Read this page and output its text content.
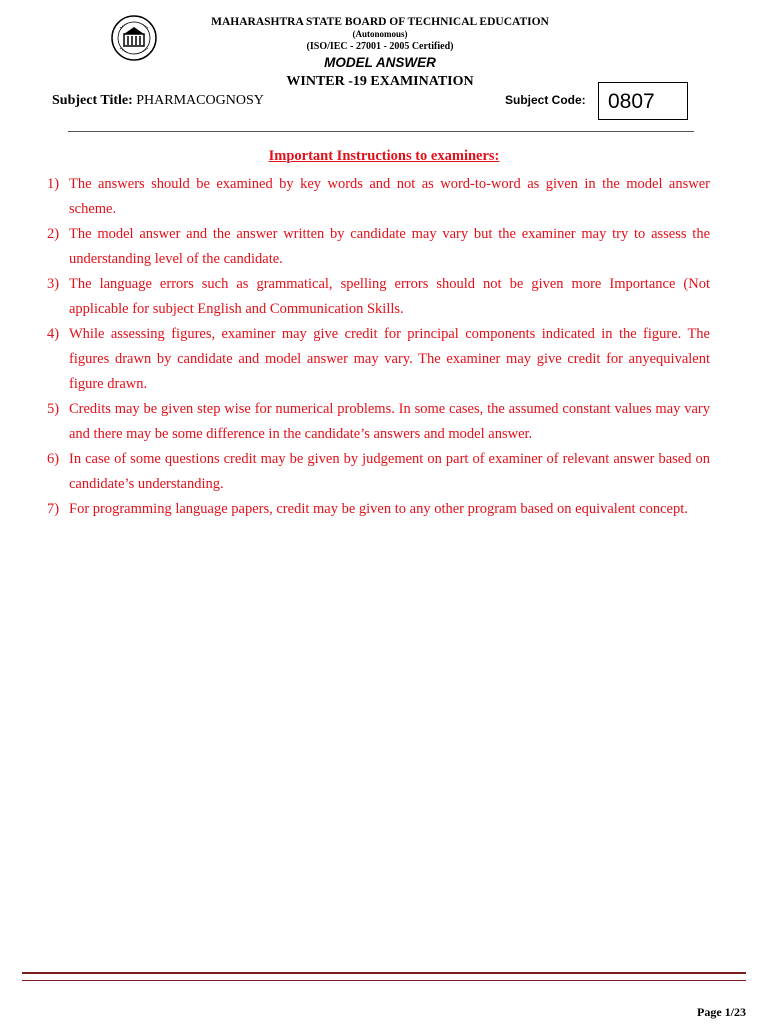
MAHARASHTRA STATE BOARD OF TECHNICAL EDUCATION
(Autonomous)
(ISO/IEC - 27001 - 2005 Certified)
MODEL ANSWER
WINTER -19 EXAMINATION
Subject Title: PHARMACOGNOSY	Subject Code:	0807
Important Instructions to examiners:
1) The answers should be examined by key words and not as word-to-word as given in the model answer scheme.
2) The model answer and the answer written by candidate may vary but the examiner may try to assess the understanding level of the candidate.
3) The language errors such as grammatical, spelling errors should not be given more Importance (Not applicable for subject English and Communication Skills.
4) While assessing figures, examiner may give credit for principal components indicated in the figure. The figures drawn by candidate and model answer may vary. The examiner may give credit for anyequivalent figure drawn.
5) Credits may be given step wise for numerical problems. In some cases, the assumed constant values may vary and there may be some difference in the candidate’s answers and model answer.
6) In case of some questions credit may be given by judgement on part of examiner of relevant answer based on candidate’s understanding.
7) For programming language papers, credit may be given to any other program based on equivalent concept.
Page 1/23
